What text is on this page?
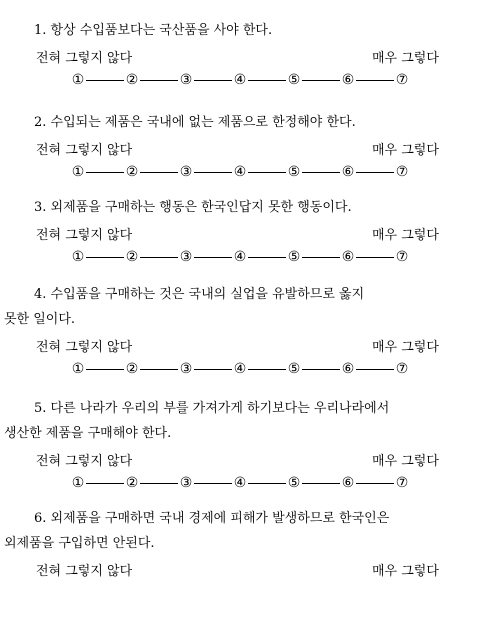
1. 항상 수입품보다는 국산품을 사야 한다.

전혀 그렇지 않다	매우 그렇다
①	②	③	④	⑤	⑥	⑦

2. 수입되는 제품은 국내에 없는 제품으로 한정해야 한다.

전혀 그렇지 않다	매우 그렇다
①	②	③	④	⑤	⑥	⑦

3. 외제품을 구매하는 행동은 한국인답지 못한 행동이다.

전혀 그렇지 않다	매우 그렇다
①	②	③	④	⑤	⑥	⑦

4. 수입품을 구매하는 것은 국내의 실업을 유발하므로 옳지
못한 일이다.

전혀 그렇지 않다	매우 그렇다
①	②	③	④	⑤	⑥	⑦

5. 다른 나라가 우리의 부를 가져가게 하기보다는 우리나라에서
생산한 제품을 구매해야 한다.

전혀 그렇지 않다	매우 그렇다
①	②	③	④	⑤	⑥	⑦

6. 외제품을 구매하면 국내 경제에 피해가 발생하므로 한국인은
외제품을 구입하면 안된다.

전혀 그렇지 않다	매우 그렇다
